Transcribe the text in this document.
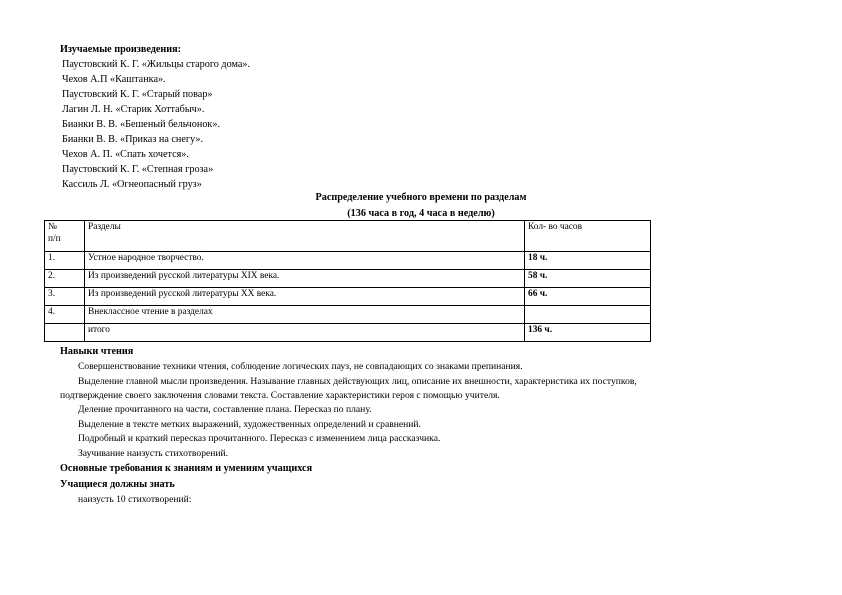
Изучаемые произведения:
Паустовский К. Г. «Жильцы старого дома».
Чехов А.П «Каштанка».
Паустовский К. Г. «Старый повар»
Лагин Л. Н. «Старик Хоттабыч».
Бианки В. В. «Бешеный бельчонок».
Бианки В. В. «Приказ на снегу».
Чехов А. П. «Спать хочется».
Паустовский К. Г. «Степная гроза»
Кассиль Л. «Огнеопасный груз»
Распределение учебного времени по разделам
(136 часа в год, 4 часа в неделю)
№
п/п	Разделы	Кол- во часов
1.	Устное народное творчество.	18 ч.
2.	Из произведений русской литературы XIX века.	58 ч.
3.	Из произведений русской литературы XX века.	66 ч.
4.	Внеклассное чтение в разделах	
	итого	136 ч.
Навыки чтения
Совершенствование техники чтения, соблюдение логических пауз, не совпадающих со знаками препинания.
Выделение главной мысли произведения. Называние главных действующих лиц, описание их внешности, характеристика их поступков,
подтверждение своего заключения словами текста. Составление характеристики героя с помощью учителя.
Деление прочитанного на части, составление плана. Пересказ по плану.
Выделение в тексте метких выражений, художественных определений и сравнений.
Подробный и краткий пересказ прочитанного. Пересказ с изменением лица рассказчика.
Заучивание наизусть стихотворений.
Основные требования к знаниям и умениям учащихся
Учащиеся должны знать
наизусть 10 стихотворений:
